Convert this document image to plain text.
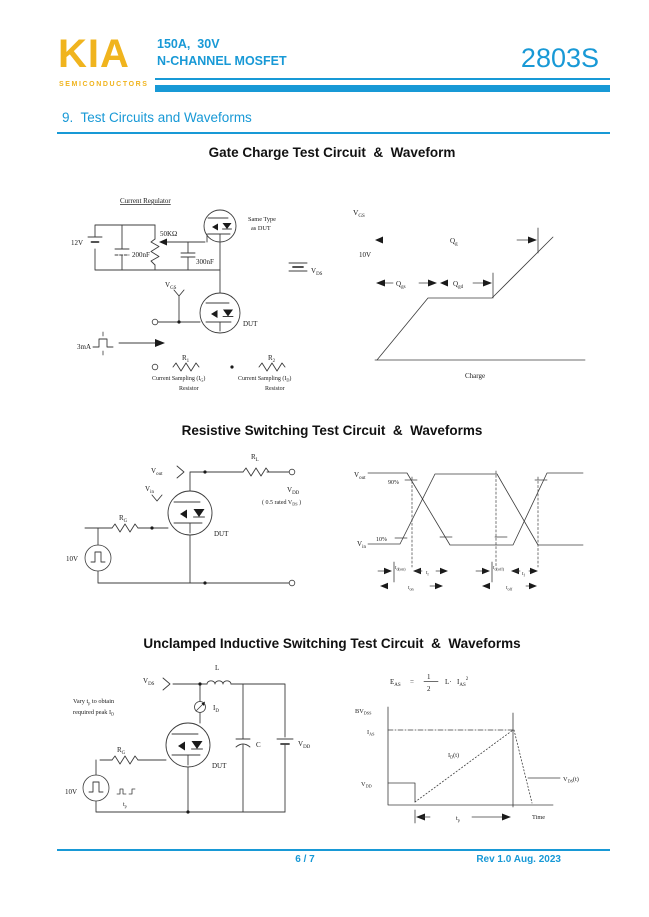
KIA
SEMICONDUCTORS
150A,  30V
N-CHANNEL MOSFET	2803S
9.  Test Circuits and Waveforms
Gate Charge Test Circuit  &  Waveform
Current Regulator
12V
200nF
50KΩ
300nF
Same Type
as DUT
$V_{DS}$
$V_{GS}$
DUT
3mA
$R_1$	$R_2$
Current Sampling $(I_G)$
Resistor
Current Sampling $(I_D)$
Resistor
$V_{GS}$
10V
$Q_g$
$Q_{gs}$	$Q_{gd}$
Charge
Resistive Switching Test Circuit  &  Waveforms
$V_{out}$
$R_L$
$V_{DD}$
( 0.5 rated $V_{DS}$ )
$V_{in}$
DUT
$R_G$
10V
$V_{out}$
90%
$V_{in}$
10%
$t_{d(on)}$
$t_r$
$t_{on}$
$t_{d(off)}$
$t_f$
$t_{off}$
Unclamped Inductive Switching Test Circuit  &  Waveforms
L
$V_{DS}$
Vary $t_p$ to obtain
required peak $I_D$
$I_D$
DUT
C	$V_{DD}$
$R_G$
10V
$t_p$
$E_{AS}$ =
1
2
$L\cdot I_{AS}^2$
$BV_{DSS}$
$I_{AS}$
$I_D(t)$
$V_{DD}$
$V_{DS}(t)$
Time
$t_p$
6 / 7	Rev 1.0 Aug. 2023
